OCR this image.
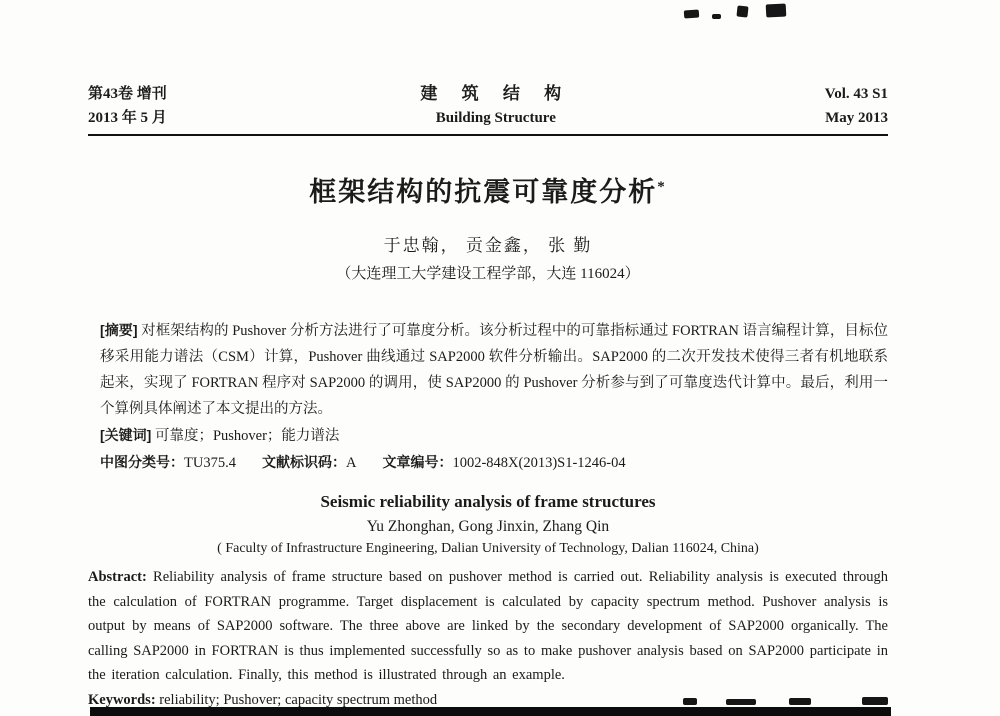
第43卷 增刊
2013 年 5 月
建 筑 结 构
Building Structure
Vol. 43 S1
May 2013
框架结构的抗震可靠度分析*
于忠翰， 贡金鑫， 张 勤
（大连理工大学建设工程学部，大连 116024）
[摘要] 对框架结构的 Pushover 分析方法进行了可靠度分析。该分析过程中的可靠指标通过 FORTRAN 语言编程计算，目标位移采用能力谱法（CSM）计算，Pushover 曲线通过 SAP2000 软件分析输出。SAP2000 的二次开发技术使得三者有机地联系起来，实现了 FORTRAN 程序对 SAP2000 的调用，使 SAP2000 的 Pushover 分析参与到了可靠度迭代计算中。最后，利用一个算例具体阐述了本文提出的方法。
[关键词] 可靠度；Pushover；能力谱法
中图分类号：TU375.4 文献标识码：A 文章编号：1002-848X(2013)S1-1246-04
Seismic reliability analysis of frame structures
Yu Zhonghan, Gong Jinxin, Zhang Qin
( Faculty of Infrastructure Engineering, Dalian University of Technology, Dalian 116024, China)
Abstract: Reliability analysis of frame structure based on pushover method is carried out. Reliability analysis is executed through the calculation of FORTRAN programme. Target displacement is calculated by capacity spectrum method. Pushover analysis is output by means of SAP2000 software. The three above are linked by the secondary development of SAP2000 organically. The calling SAP2000 in FORTRAN is thus implemented successfully so as to make pushover analysis based on SAP2000 participate in the iteration calculation. Finally, this method is illustrated through an example.
Keywords: reliability; Pushover; capacity spectrum method
